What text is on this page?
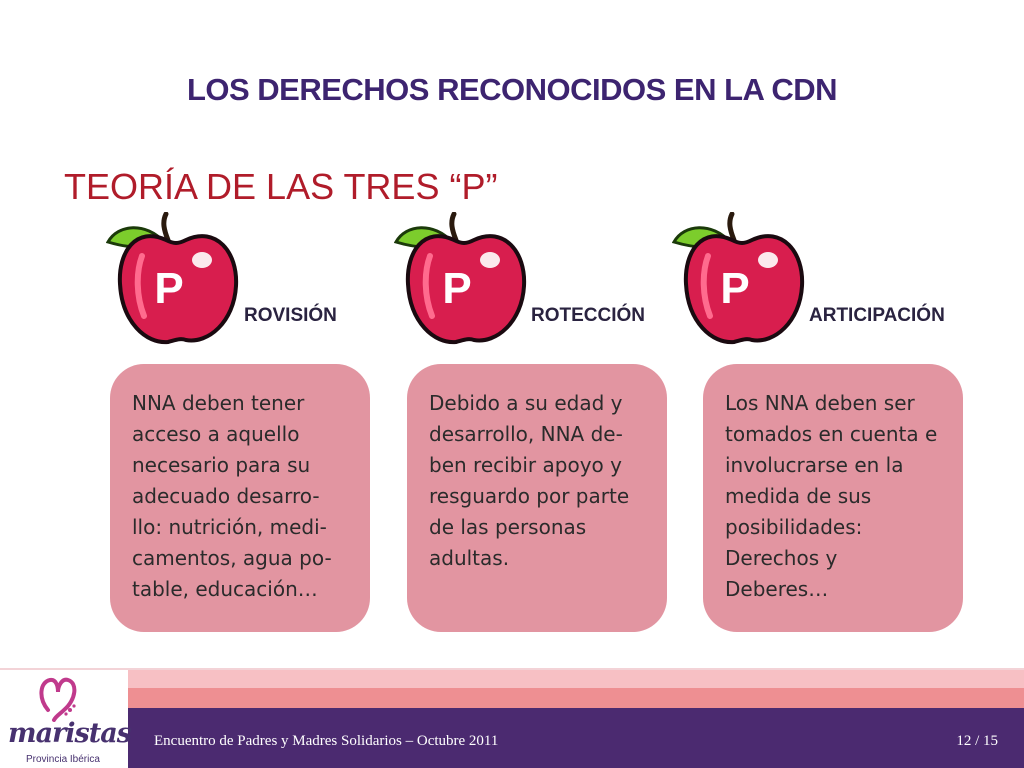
LOS DERECHOS RECONOCIDOS EN LA CDN
TEORÍA DE LAS TRES “P”
P
ROVISIÓN

NNA deben tener
acceso a aquello
necesario para su
adecuado desarro-
llo: nutrición, medi-
camentos, agua po-
table, educación…

P
ROTECCIÓN

Debido a su edad y
desarrollo, NNA de-
ben recibir apoyo y
resguardo por parte
de las personas
adultas.

P
ARTICIPACIÓN

Los NNA deben ser
tomados en cuenta e
involucrarse en la
medida de sus
posibilidades:
Derechos y Deberes…

Encuentro de Padres y Madres Solidarios – Octubre 2011	12 / 15
maristas
Provincia Ibérica
